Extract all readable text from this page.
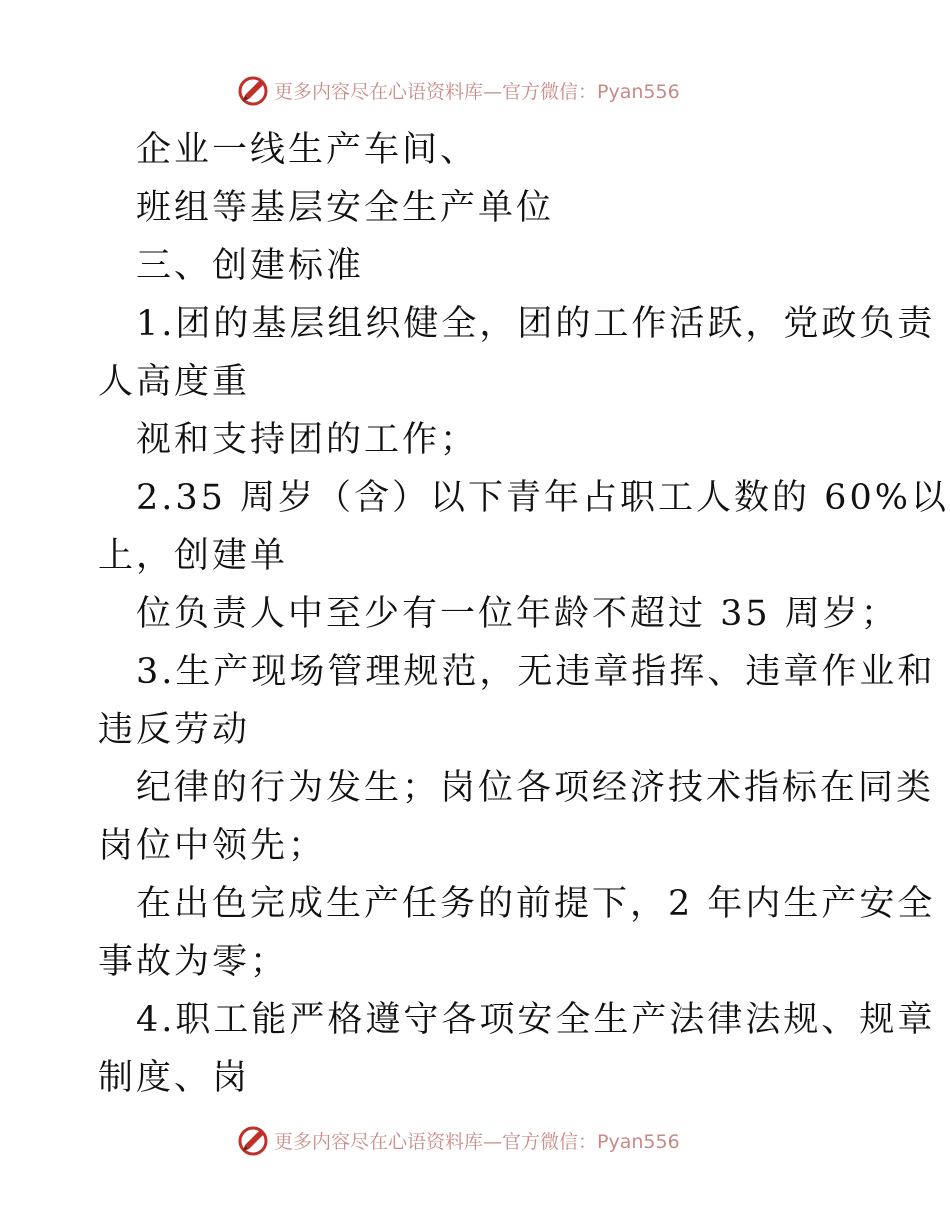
更多内容尽在心语资料库—官方微信：Pyan556
企业一线生产车间、
班组等基层安全生产单位
三、创建标准
1.团的基层组织健全，团的工作活跃，党政负责
人高度重
视和支持团的工作；
2.35 周岁（含）以下青年占职工人数的 60%以
上，创建单
位负责人中至少有一位年龄不超过 35 周岁；
3.生产现场管理规范，无违章指挥、违章作业和
违反劳动
纪律的行为发生；岗位各项经济技术指标在同类
岗位中领先；
在出色完成生产任务的前提下，2 年内生产安全
事故为零；
4.职工能严格遵守各项安全生产法律法规、规章
制度、岗
更多内容尽在心语资料库—官方微信：Pyan556
